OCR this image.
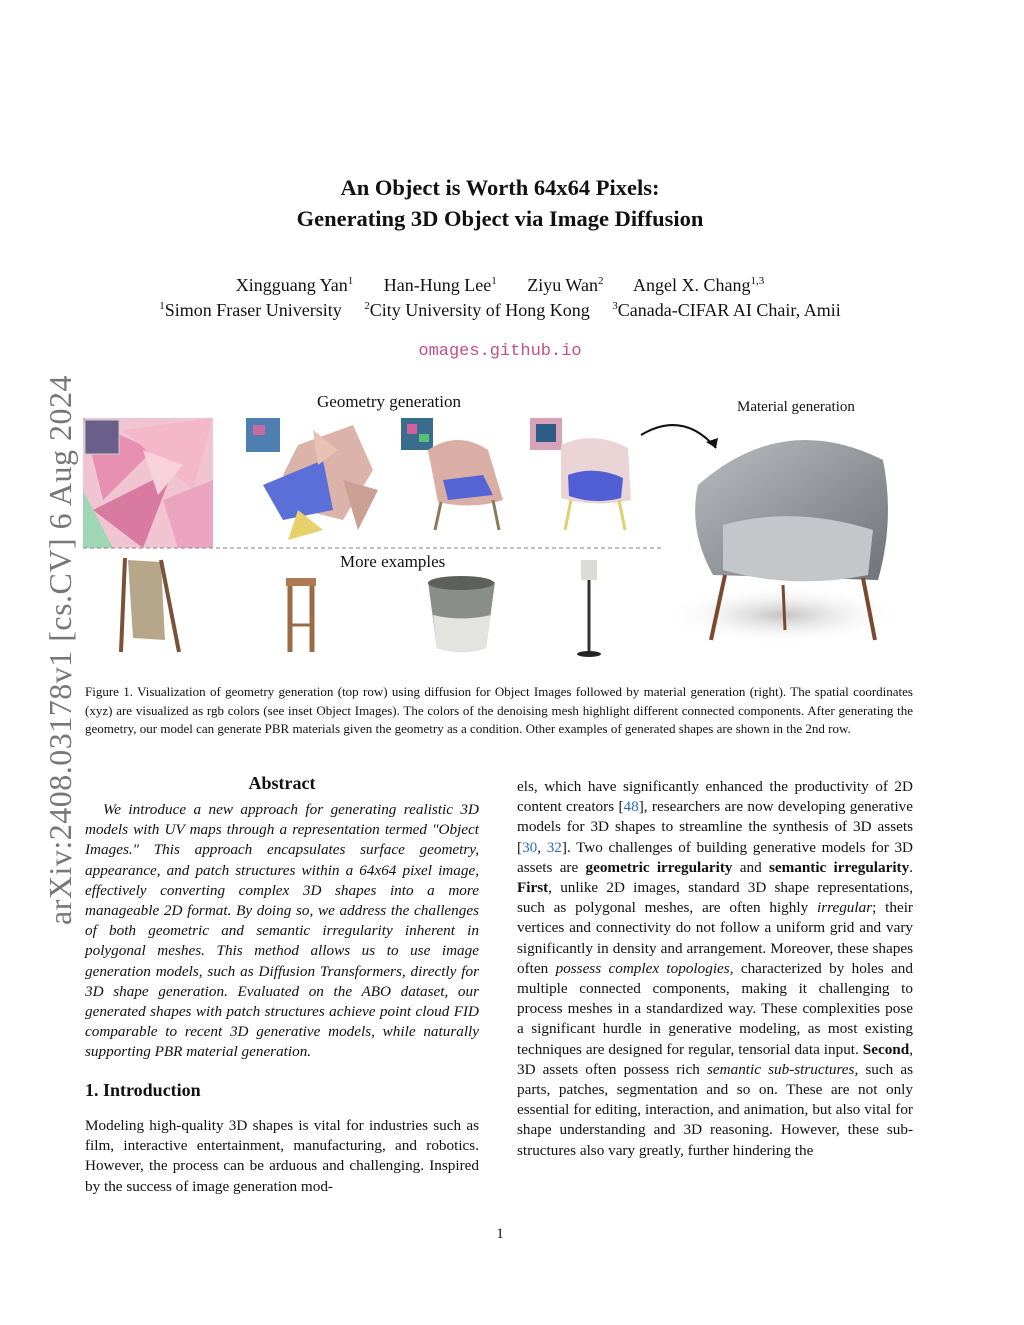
arXiv:2408.03178v1 [cs.CV] 6 Aug 2024
An Object is Worth 64x64 Pixels:
Generating 3D Object via Image Diffusion
Xingguang Yan$^1$ Han-Hung Lee$^1$ Ziyu Wan$^2$ Angel X. Chang$^{1,3}$
$^1$Simon Fraser University $^2$City University of Hong Kong $^3$Canada-CIFAR AI Chair, Amii
omages.github.io
Geometry generation	Material generation
More examples
Figure 1. Visualization of geometry generation (top row) using diffusion for Object Images followed by material generation (right). The spatial coordinates (xyz) are visualized as rgb colors (see inset Object Images). The colors of the denoising mesh highlight different connected components. After generating the geometry, our model can generate PBR materials given the geometry as a condition. Other examples of generated shapes are shown in the 2nd row.
Abstract
We introduce a new approach for generating realistic 3D models with UV maps through a representation termed "Object Images." This approach encapsulates surface geometry, appearance, and patch structures within a 64x64 pixel image, effectively converting complex 3D shapes into a more manageable 2D format. By doing so, we address the challenges of both geometric and semantic irregularity inherent in polygonal meshes. This method allows us to use image generation models, such as Diffusion Transformers, directly for 3D shape generation. Evaluated on the ABO dataset, our generated shapes with patch structures achieve point cloud FID comparable to recent 3D generative models, while naturally supporting PBR material generation.
1. Introduction
Modeling high-quality 3D shapes is vital for industries such as film, interactive entertainment, manufacturing, and robotics. However, the process can be arduous and challenging. Inspired by the success of image generation mod-
els, which have significantly enhanced the productivity of 2D content creators [48], researchers are now developing generative models for 3D shapes to streamline the synthesis of 3D assets [30, 32]. Two challenges of building generative models for 3D assets are geometric irregularity and semantic irregularity. First, unlike 2D images, standard 3D shape representations, such as polygonal meshes, are often highly irregular; their vertices and connectivity do not follow a uniform grid and vary significantly in density and arrangement. Moreover, these shapes often possess complex topologies, characterized by holes and multiple connected components, making it challenging to process meshes in a standardized way. These complexities pose a significant hurdle in generative modeling, as most existing techniques are designed for regular, tensorial data input. Second, 3D assets often possess rich semantic sub-structures, such as parts, patches, segmentation and so on. These are not only essential for editing, interaction, and animation, but also vital for shape understanding and 3D reasoning. However, these sub-structures also vary greatly, further hindering the
1
